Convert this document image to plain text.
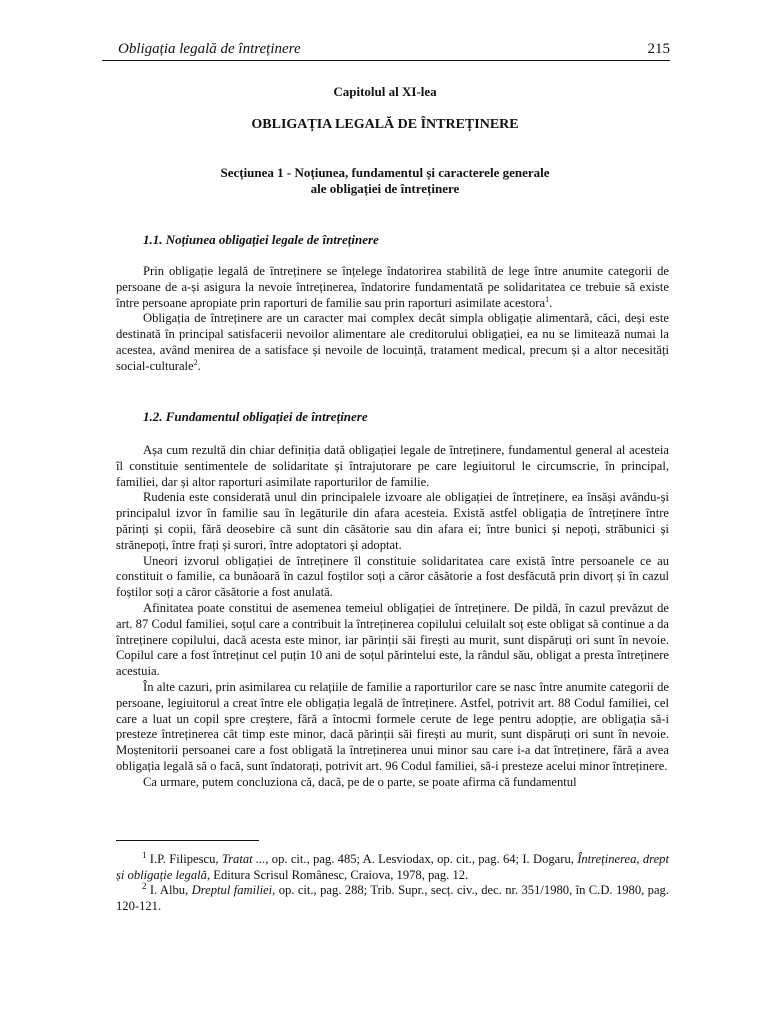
Obligația legală de întreținere	215
Capitolul al XI-lea
OBLIGAȚIA LEGALĂ DE ÎNTREȚINERE
Secțiunea 1 - Noțiunea, fundamentul și caracterele generale
ale obligației de întreținere
1.1. Noțiunea obligației legale de întreținere

Prin obligație legală de întreținere se înțelege îndatorirea stabilită de lege între anumite categorii de persoane de a-și asigura la nevoie întreținerea, îndatorire fundamentată pe solidaritatea ce trebuie să existe între persoane apropiate prin raporturi de familie sau prin raporturi asimilate acestora$^1$.

Obligația de întreținere are un caracter mai complex decât simpla obligație alimentară, căci, deși este destinată în principal satisfacerii nevoilor alimentare ale creditorului obligației, ea nu se limitează numai la acestea, având menirea de a satisface și nevoile de locuință, tratament medical, precum și a altor necesități social-culturale$^2$.

1.2. Fundamentul obligației de întreținere

Așa cum rezultă din chiar definiția dată obligației legale de întreținere, fundamentul general al acesteia îl constituie sentimentele de solidaritate și întrajutorare pe care legiuitorul le circumscrie, în principal, familiei, dar și altor raporturi asimilate raporturilor de familie.

Rudenia este considerată unul din principalele izvoare ale obligației de întreținere, ea însăși avându-și principalul izvor în familie sau în legăturile din afara acesteia. Există astfel obligația de întreținere între părinți și copii, fără deosebire că sunt din căsătorie sau din afara ei; între bunici și nepoți, străbunici și strănepoți, între frați și surori, între adoptatori și adoptat.

Uneori izvorul obligației de întreținere îl constituie solidaritatea care există între persoanele ce au constituit o familie, ca bunăoară în cazul foștilor soți a căror căsătorie a fost desfăcută prin divorț și în cazul foștilor soți a căror căsătorie a fost anulată.

Afinitatea poate constitui de asemenea temeiul obligației de întreținere. De pildă, în cazul prevăzut de art. 87 Codul familiei, soțul care a contribuit la întreținerea copilului celuilalt soț este obligat să continue a da întreținere copilului, dacă acesta este minor, iar părinții săi firești au murit, sunt dispăruți ori sunt în nevoie. Copilul care a fost întreținut cel puțin 10 ani de soțul părintelui este, la rândul său, obligat a presta întreținere acestuia.

În alte cazuri, prin asimilarea cu relațiile de familie a raporturilor care se nasc între anumite categorii de persoane, legiuitorul a creat între ele obligația legală de întreținere. Astfel, potrivit art. 88 Codul familiei, cel care a luat un copil spre creștere, fără a întocmi formele cerute de lege pentru adopție, are obligația să-i presteze întreținerea cât timp este minor, dacă părinții săi firești au murit, sunt dispăruți ori sunt în nevoie. Moștenitorii persoanei care a fost obligată la întreținerea unui minor sau care i-a dat întreținere, fără a avea obligația legală să o facă, sunt îndatorați, potrivit art. 96 Codul familiei, să-i presteze acelui minor întreținere.

Ca urmare, putem concluziona că, dacă, pe de o parte, se poate afirma că fundamentul

$^1$ I.P. Filipescu, Tratat ..., op. cit., pag. 485; A. Lesviodax, op. cit., pag. 64; I. Dogaru, Întreținerea, drept și obligație legală, Editura Scrisul Românesc, Craiova, 1978, pag. 12.

$^2$ I. Albu, Dreptul familiei, op. cit., pag. 288; Trib. Supr., secț. civ., dec. nr. 351/1980, în C.D. 1980, pag. 120-121.
